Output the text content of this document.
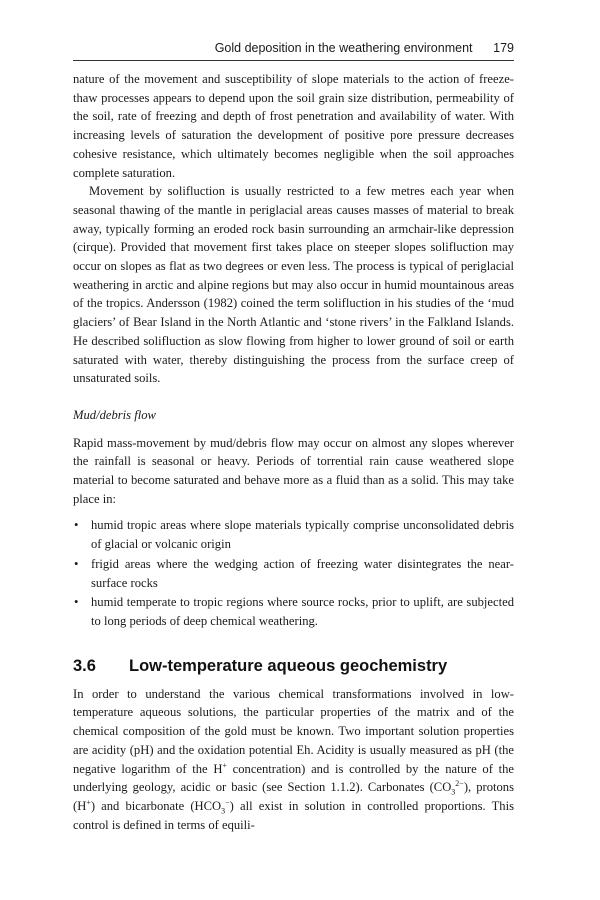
Gold deposition in the weathering environment 179

nature of the movement and susceptibility of slope materials to the action of freeze-thaw processes appears to depend upon the soil grain size distribution, permeability of the soil, rate of freezing and depth of frost penetration and availability of water. With increasing levels of saturation the development of positive pore pressure decreases cohesive resistance, which ultimately becomes negligible when the soil approaches complete saturation.

Movement by solifluction is usually restricted to a few metres each year when seasonal thawing of the mantle in periglacial areas causes masses of material to break away, typically forming an eroded rock basin surrounding an armchair-like depression (cirque). Provided that movement first takes place on steeper slopes solifluction may occur on slopes as flat as two degrees or even less. The process is typical of periglacial weathering in arctic and alpine regions but may also occur in humid mountainous areas of the tropics. Andersson (1982) coined the term solifluction in his studies of the ‘mud glaciers’ of Bear Island in the North Atlantic and ‘stone rivers’ in the Falkland Islands. He described solifluction as slow flowing from higher to lower ground of soil or earth saturated with water, thereby distinguishing the process from the surface creep of unsaturated soils.

Mud/debris flow

Rapid mass-movement by mud/debris flow may occur on almost any slopes wherever the rainfall is seasonal or heavy. Periods of torrential rain cause weathered slope material to become saturated and behave more as a fluid than as a solid. This may take place in:

• humid tropic areas where slope materials typically comprise unconsolidated debris of glacial or volcanic origin
• frigid areas where the wedging action of freezing water disintegrates the near-surface rocks
• humid temperate to tropic regions where source rocks, prior to uplift, are subjected to long periods of deep chemical weathering.
3.6 Low-temperature aqueous geochemistry

In order to understand the various chemical transformations involved in low-temperature aqueous solutions, the particular properties of the matrix and of the chemical composition of the gold must be known. Two important solution properties are acidity (pH) and the oxidation potential Eh. Acidity is usually measured as pH (the negative logarithm of the H+ concentration) and is controlled by the nature of the underlying geology, acidic or basic (see Section 1.1.2). Carbonates $(CO_3^{2-})$, protons (H+) and bicarbonate $(HCO_3^-)$ all exist in solution in controlled proportions. This control is defined in terms of equili-
